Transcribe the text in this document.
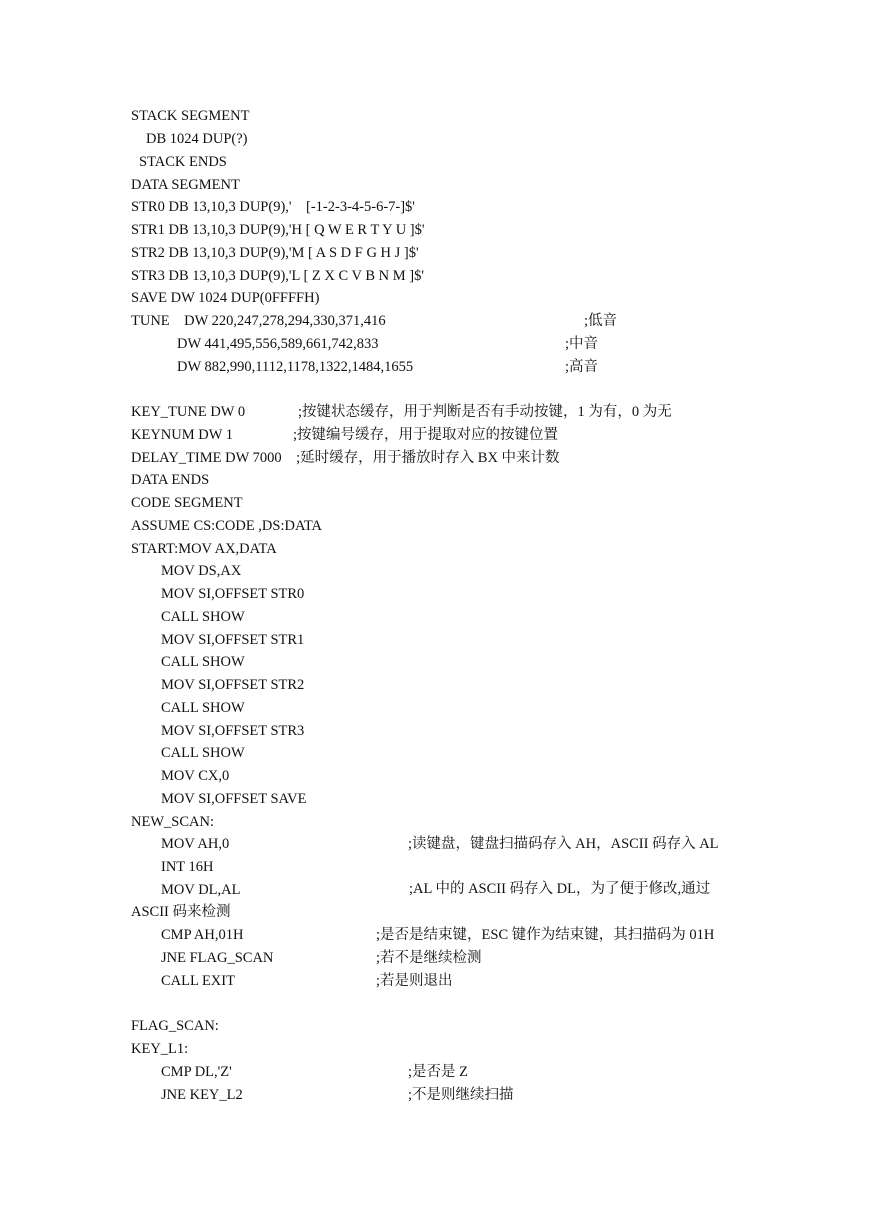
STACK SEGMENT
DB 1024 DUP(?)
STACK ENDS
DATA SEGMENT
STR0 DB 13,10,3 DUP(9),'    [-1-2-3-4-5-6-7-]$'
STR1 DB 13,10,3 DUP(9),'H [ Q W E R T Y U ]$'
STR2 DB 13,10,3 DUP(9),'M [ A S D F G H J ]$'
STR3 DB 13,10,3 DUP(9),'L [ Z X C V B N M ]$'
SAVE DW 1024 DUP(0FFFFH)
TUNE    DW 220,247,278,294,330,371,416	;低音
DW 441,495,556,589,661,742,833	;中音
DW 882,990,1112,1178,1322,1484,1655	;高音
KEY_TUNE DW 0	;按键状态缓存，用于判断是否有手动按键，1 为有，0 为无
KEYNUM DW 1	;按键编号缓存，用于提取对应的按键位置
DELAY_TIME DW 7000    ;延时缓存，用于播放时存入 BX 中来计数
DATA ENDS
CODE SEGMENT
ASSUME CS:CODE ,DS:DATA
START:MOV AX,DATA
MOV DS,AX
MOV SI,OFFSET STR0
CALL SHOW
MOV SI,OFFSET STR1
CALL SHOW
MOV SI,OFFSET STR2
CALL SHOW
MOV SI,OFFSET STR3
CALL SHOW
MOV CX,0
MOV SI,OFFSET SAVE
NEW_SCAN:
MOV AH,0	;读键盘，键盘扫描码存入 AH，ASCII 码存入 AL
INT 16H
MOV DL,AL	;AL 中的 ASCII 码存入 DL，为了便于修改,通过 ASCII 码来检测
CMP AH,01H	;是否是结束键，ESC 键作为结束键，其扫描码为 01H
JNE FLAG_SCAN	;若不是继续检测
CALL EXIT	;若是则退出
FLAG_SCAN:
KEY_L1:
CMP DL,'Z'	;是否是 Z
JNE KEY_L2	;不是则继续扫描
